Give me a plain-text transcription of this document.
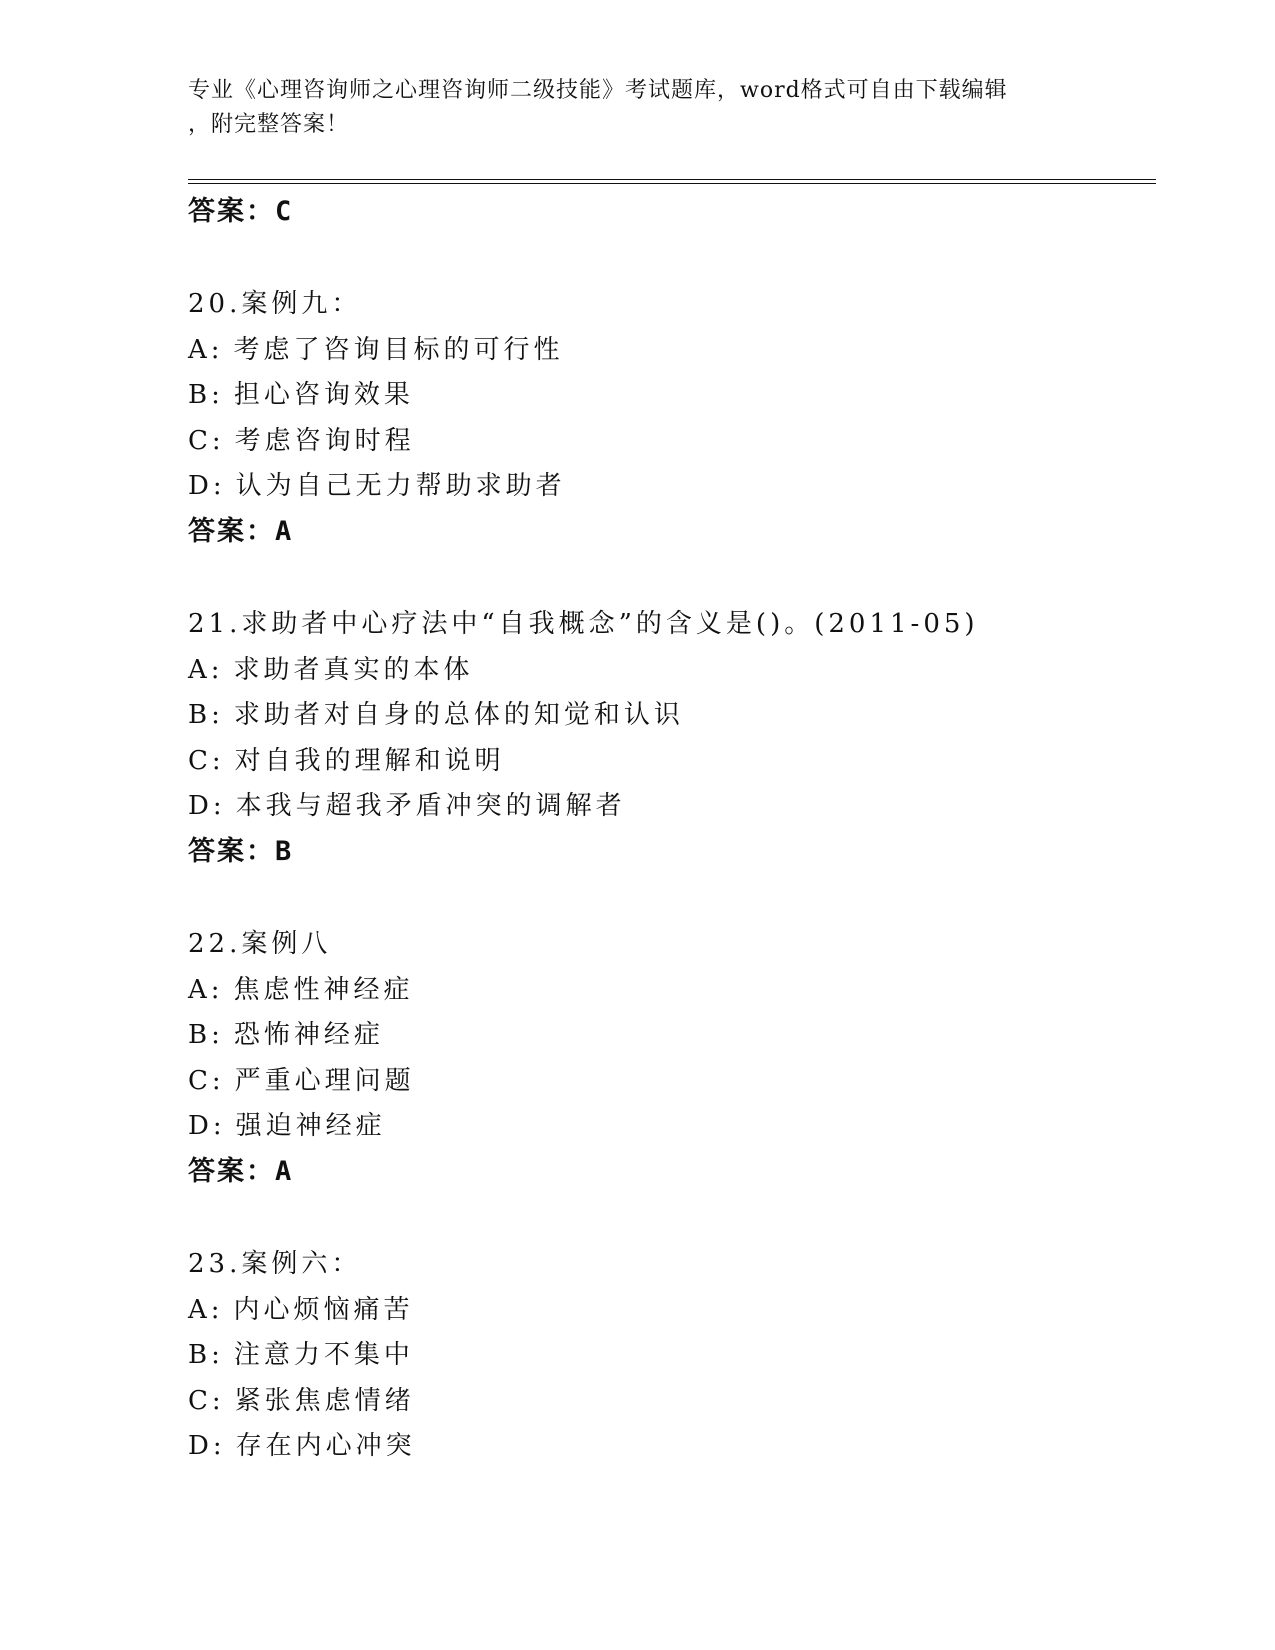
专业《心理咨询师之心理咨询师二级技能》考试题库，word格式可自由下载编辑
，附完整答案！
答案：C
20.案例九：
A: 考虑了咨询目标的可行性
B: 担心咨询效果
C: 考虑咨询时程
D: 认为自己无力帮助求助者
答案：A
21.求助者中心疗法中“自我概念”的含义是()。(2011-05)
A: 求助者真实的本体
B: 求助者对自身的总体的知觉和认识
C: 对自我的理解和说明
D: 本我与超我矛盾冲突的调解者
答案：B
22.案例八
A: 焦虑性神经症
B: 恐怖神经症
C: 严重心理问题
D: 强迫神经症
答案：A
23.案例六：
A: 内心烦恼痛苦
B: 注意力不集中
C: 紧张焦虑情绪
D: 存在内心冲突
